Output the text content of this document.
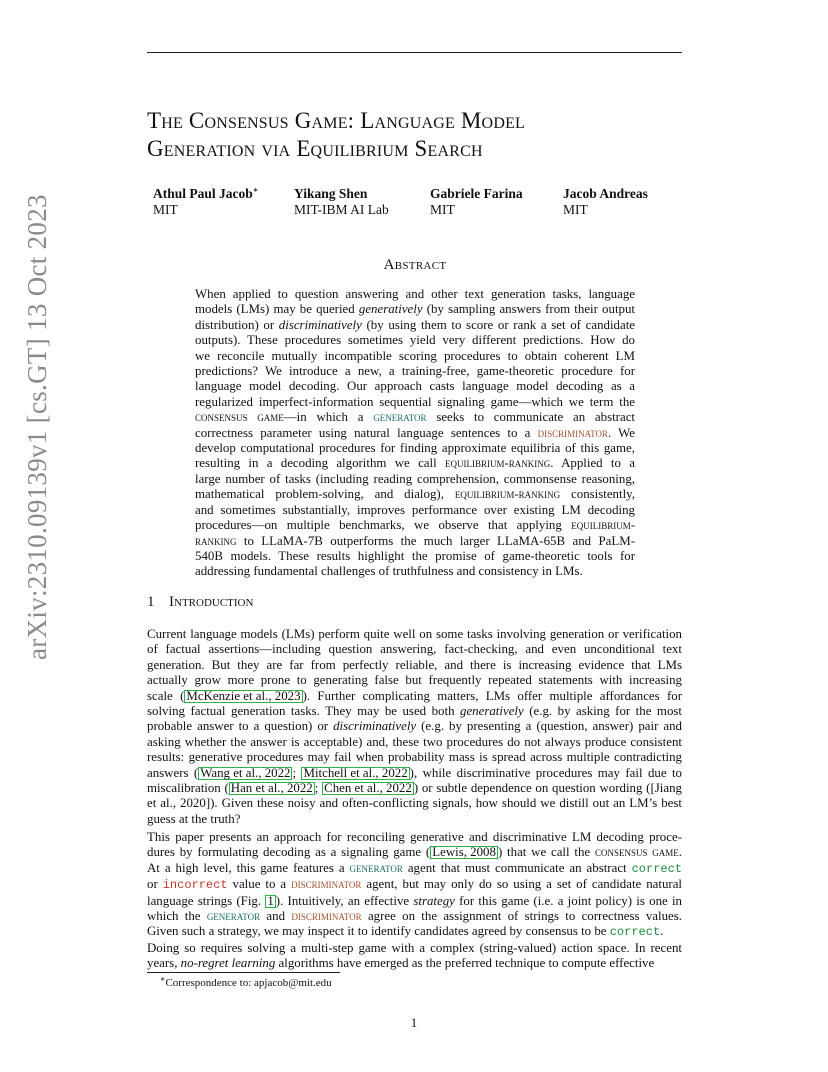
arXiv:2310.09139v1 [cs.GT] 13 Oct 2023
The Consensus Game: Language Model
Generation via Equilibrium Search
Athul Paul Jacob∗
MIT
Yikang Shen
MIT-IBM AI Lab
Gabriele Farina
MIT
Jacob Andreas
MIT
Abstract
When applied to question answering and other text generation tasks, language
models (LMs) may be queried generatively (by sampling answers from their output
distribution) or discriminatively (by using them to score or rank a set of candidate
outputs). These procedures sometimes yield very different predictions. How do
we reconcile mutually incompatible scoring procedures to obtain coherent LM
predictions? We introduce a new, a training-free, game-theoretic procedure for
language model decoding. Our approach casts language model decoding as a
regularized imperfect-information sequential signaling game—which we term the
consensus game—in which a generator seeks to communicate an abstract
correctness parameter using natural language sentences to a discriminator. We
develop computational procedures for finding approximate equilibria of this game,
resulting in a decoding algorithm we call equilibrium-ranking. Applied to a
large number of tasks (including reading comprehension, commonsense reasoning,
mathematical problem-solving, and dialog), equilibrium-ranking consistently,
and sometimes substantially, improves performance over existing LM decoding
procedures—on multiple benchmarks, we observe that applying equilibrium-
ranking to LLaMA-7B outperforms the much larger LLaMA-65B and PaLM-
540B models. These results highlight the promise of game-theoretic tools for
addressing fundamental challenges of truthfulness and consistency in LMs.
1 Introduction
Current language models (LMs) perform quite well on some tasks involving generation or verification
of factual assertions—including question answering, fact-checking, and even unconditional text
generation. But they are far from perfectly reliable, and there is increasing evidence that LMs
actually grow more prone to generating false but frequently repeated statements with increasing
scale ( McKenzie et al., 2023 ). Further complicating matters, LMs offer multiple affordances for
solving factual generation tasks. They may be used both generatively (e.g. by asking for the most
probable answer to a question) or discriminatively (e.g. by presenting a (question, answer) pair and
asking whether the answer is acceptable) and, these two procedures do not always produce consistent
results: generative procedures may fail when probability mass is spread across multiple contradicting
answers ( Wang et al., 2022 ; Mitchell et al., 2022 ), while discriminative procedures may fail due to
miscalibration ( Han et al., 2022 ; Chen et al., 2022 ) or subtle dependence on question wording ([Jiang
et al., 2020]). Given these noisy and often-conflicting signals, how should we distill out an LM’s best
guess at the truth?
This paper presents an approach for reconciling generative and discriminative LM decoding proce-
dures by formulating decoding as a signaling game ( Lewis, 2008 ) that we call the consensus game.
At a high level, this game features a generator agent that must communicate an abstract correct
or incorrect value to a discriminator agent, but may only do so using a set of candidate natural
language strings (Fig. 1 ). Intuitively, an effective strategy for this game (i.e. a joint policy) is one in
which the generator and discriminator agree on the assignment of strings to correctness values.
Given such a strategy, we may inspect it to identify candidates agreed by consensus to be correct.
Doing so requires solving a multi-step game with a complex (string-valued) action space. In recent
years, no-regret learning algorithms have emerged as the preferred technique to compute effective
∗Correspondence to: apjacob@mit.edu
1
